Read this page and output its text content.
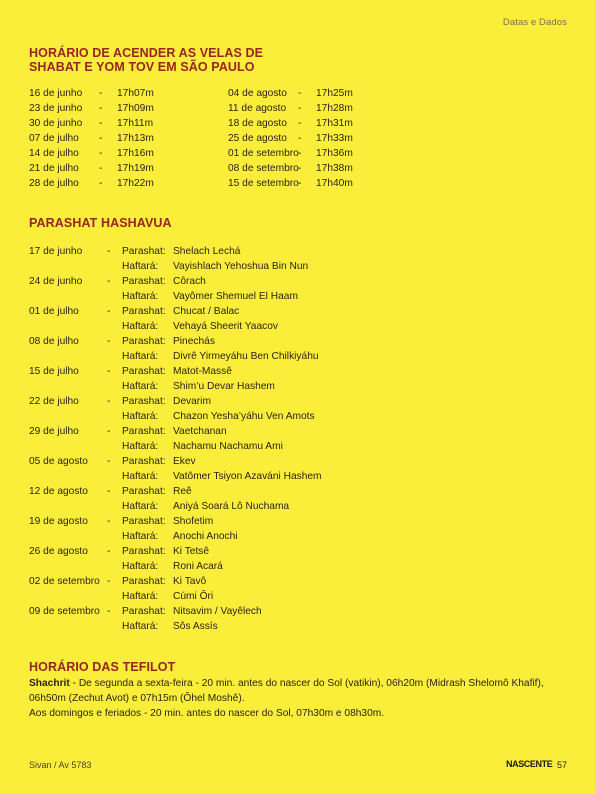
Datas e Dados
HORÁRIO DE ACENDER AS VELAS DE
SHABAT E YOM TOV EM SÃO PAULO
16 de junho - 17h07m
23 de junho - 17h09m
30 de junho - 17h11m
07 de julho - 17h13m
14 de julho - 17h16m
21 de julho - 17h19m
28 de julho - 17h22m
04 de agosto - 17h25m
11 de agosto - 17h28m
18 de agosto - 17h31m
25 de agosto - 17h33m
01 de setembro - 17h36m
08 de setembro - 17h38m
15 de setembro - 17h40m
PARASHAT HASHAVUA
17 de junho - Parashat: Shelach Lechá
Haftará: Vayishlach Yehoshua Bin Nun
24 de junho - Parashat: Côrach
Haftará: Vayômer Shemuel El Haam
01 de julho	- Parashat: Chucat / Balac
Haftará: Vehayá Sheerit Yaacov
08 de julho	- Parashat: Pinechás
Haftará: Divrê Yirmeyáhu Ben Chilkiyáhu
15 de julho	- Parashat: Matot-Massê
Haftará: Shim’u Devar Hashem
22 de julho	- Parashat: Devarim
Haftará: Chazon Yesha’yáhu Ven Amots
29 de julho	- Parashat: Vaetchanan
Haftará: Nachamu Nachamu Ami
05 de agosto - Parashat: Ekev
Haftará: Vatômer Tsiyon Azaváni Hashem
12 de agosto - Parashat: Reê
Haftará: Aniyá Soará Lô Nuchama
19 de agosto - Parashat: Shofetim
Haftará: Anochi Anochi
26 de agosto - Parashat: Ki Tetsê
Haftará: Roni Acará
02 de setembro - Parashat: Ki Tavô
Haftará: Cúmi Ôri
09 de setembro - Parashat: Nitsavim / Vayêlech
Haftará: Sôs Assís
HORÁRIO DAS TEFILOT
Shachrit - De segunda a sexta-feira - 20 min. antes do nascer do Sol (vatikin), 06h20m (Midrash Shelomô Khafif), 06h50m (Zechut Avot) e 07h15m (Ôhel Moshê).
Aos domingos e feriados - 20 min. antes do nascer do Sol, 07h30m e 08h30m.
Sivan / Av 5783	NASCENTE 57
